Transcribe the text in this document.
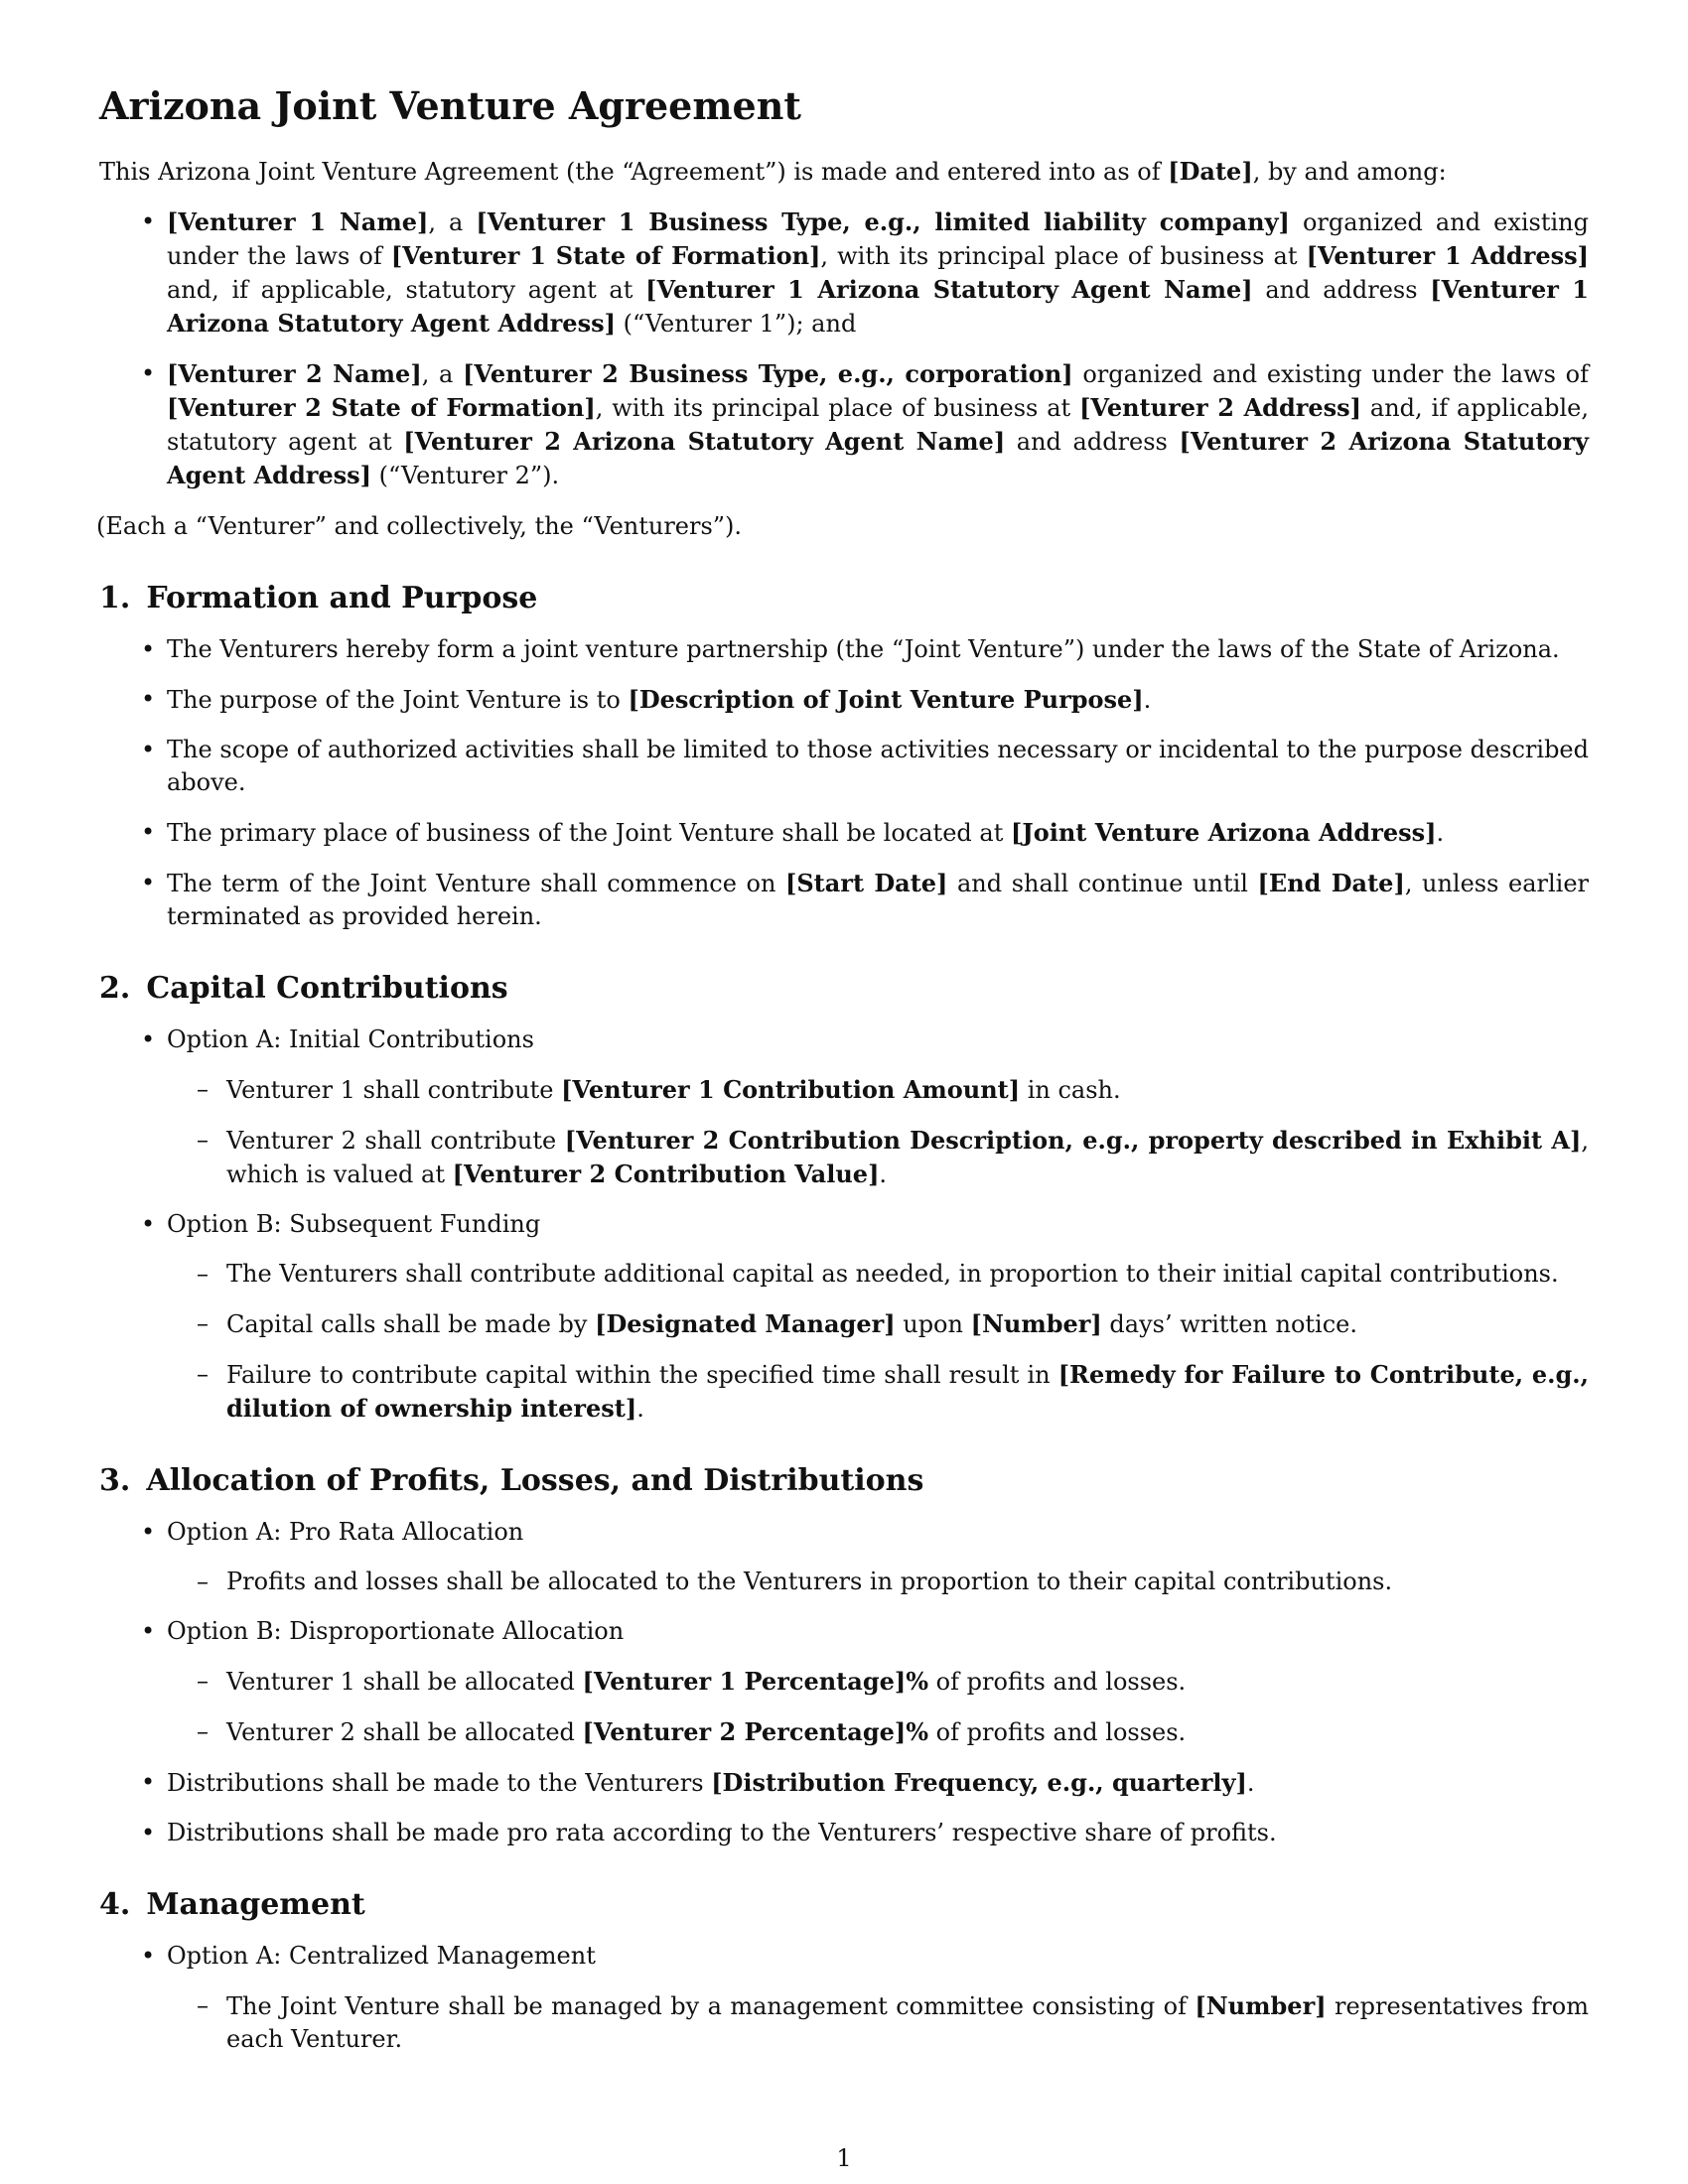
Arizona Joint Venture Agreement

This Arizona Joint Venture Agreement (the “Agreement”) is made and entered into as of [Date], by and among:

• [Venturer 1 Name], a [Venturer 1 Business Type, e.g., limited liability company] organized and existing under the laws of [Venturer 1 State of Formation], with its principal place of business at [Venturer 1 Address] and, if applicable, statutory agent at [Venturer 1 Arizona Statutory Agent Name] and address [Venturer 1 Arizona Statutory Agent Address] (“Venturer 1”); and
• [Venturer 2 Name], a [Venturer 2 Business Type, e.g., corporation] organized and existing under the laws of [Venturer 2 State of Formation], with its principal place of business at [Venturer 2 Address] and, if applicable, statutory agent at [Venturer 2 Arizona Statutory Agent Name] and address [Venturer 2 Arizona Statutory Agent Address] (“Venturer 2”).

(Each a “Venturer” and collectively, the “Venturers”).

1. Formation and Purpose
• The Venturers hereby form a joint venture partnership (the “Joint Venture”) under the laws of the State of Arizona.
• The purpose of the Joint Venture is to [Description of Joint Venture Purpose].
• The scope of authorized activities shall be limited to those activities necessary or incidental to the purpose described above.
• The primary place of business of the Joint Venture shall be located at [Joint Venture Arizona Address].
• The term of the Joint Venture shall commence on [Start Date] and shall continue until [End Date], unless earlier terminated as provided herein.
2. Capital Contributions
• Option A: Initial Contributions
– Venturer 1 shall contribute [Venturer 1 Contribution Amount] in cash.
– Venturer 2 shall contribute [Venturer 2 Contribution Description, e.g., property described in Exhibit A], which is valued at [Venturer 2 Contribution Value].
• Option B: Subsequent Funding
– The Venturers shall contribute additional capital as needed, in proportion to their initial capital contributions.
– Capital calls shall be made by [Designated Manager] upon [Number] days’ written notice.
– Failure to contribute capital within the specified time shall result in [Remedy for Failure to Contribute, e.g., dilution of ownership interest].
3. Allocation of Profits, Losses, and Distributions
• Option A: Pro Rata Allocation
– Profits and losses shall be allocated to the Venturers in proportion to their capital contributions.
• Option B: Disproportionate Allocation
– Venturer 1 shall be allocated [Venturer 1 Percentage]% of profits and losses.
– Venturer 2 shall be allocated [Venturer 2 Percentage]% of profits and losses.
• Distributions shall be made to the Venturers [Distribution Frequency, e.g., quarterly].
• Distributions shall be made pro rata according to the Venturers’ respective share of profits.
4. Management
• Option A: Centralized Management
– The Joint Venture shall be managed by a management committee consisting of [Number] representatives from each Venturer.
1
